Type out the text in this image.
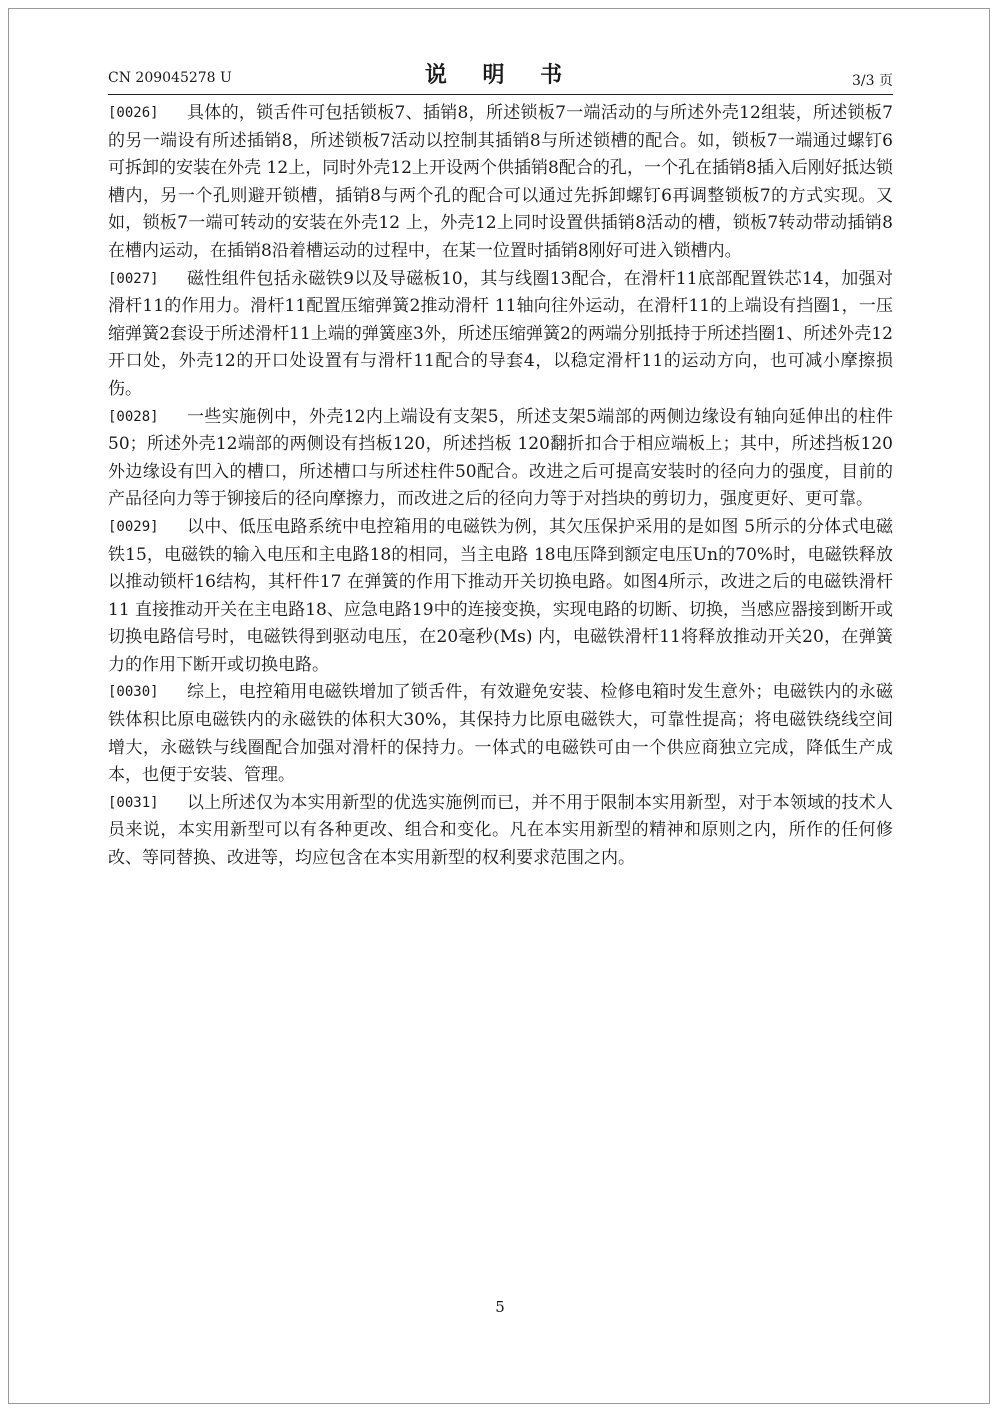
CN 209045278 U	说 明 书	3/3 页

[0026] 具体的，锁舌件可包括锁板7、插销8，所述锁板7一端活动的与所述外壳12组装，所述锁板7的另一端设有所述插销8，所述锁板7活动以控制其插销8与所述锁槽的配合。如，锁板7一端通过螺钉6可拆卸的安装在外壳 12上，同时外壳12上开设两个供插销8配合的孔，一个孔在插销8插入后刚好抵达锁槽内，另一个孔则避开锁槽，插销8与两个孔的配合可以通过先拆卸螺钉6再调整锁板7的方式实现。又如，锁板7一端可转动的安装在外壳12 上，外壳12上同时设置供插销8活动的槽，锁板7转动带动插销8在槽内运动，在插销8沿着槽运动的过程中，在某一位置时插销8刚好可进入锁槽内。

[0027] 磁性组件包括永磁铁9以及导磁板10，其与线圈13配合，在滑杆11底部配置铁芯14，加强对滑杆11的作用力。滑杆11配置压缩弹簧2推动滑杆 11轴向往外运动，在滑杆11的上端设有挡圈1，一压缩弹簧2套设于所述滑杆11上端的弹簧座3外，所述压缩弹簧2的两端分别抵持于所述挡圈1、所述外壳12开口处，外壳12的开口处设置有与滑杆11配合的导套4，以稳定滑杆11的运动方向，也可减小摩擦损伤。

[0028] 一些实施例中，外壳12内上端设有支架5，所述支架5端部的两侧边缘设有轴向延伸出的柱件50；所述外壳12端部的两侧设有挡板120，所述挡板 120翻折扣合于相应端板上；其中，所述挡板120外边缘设有凹入的槽口，所述槽口与所述柱件50配合。改进之后可提高安装时的径向力的强度，目前的产品径向力等于铆接后的径向摩擦力，而改进之后的径向力等于对挡块的剪切力，强度更好、更可靠。

[0029] 以中、低压电路系统中电控箱用的电磁铁为例，其欠压保护采用的是如图 5所示的分体式电磁铁15，电磁铁的输入电压和主电路18的相同，当主电路 18电压降到额定电压Un的70%时，电磁铁释放以推动锁杆16结构，其杆件17 在弹簧的作用下推动开关切换电路。如图4所示，改进之后的电磁铁滑杆11 直接推动开关在主电路18、应急电路19中的连接变换，实现电路的切断、切换，当感应器接到断开或切换电路信号时，电磁铁得到驱动电压，在20毫秒(Ms) 内，电磁铁滑杆11将释放推动开关20，在弹簧力的作用下断开或切换电路。

[0030] 综上，电控箱用电磁铁增加了锁舌件，有效避免安装、检修电箱时发生意外；电磁铁内的永磁铁体积比原电磁铁内的永磁铁的体积大30%，其保持力比原电磁铁大，可靠性提高；将电磁铁绕线空间增大，永磁铁与线圈配合加强对滑杆的保持力。一体式的电磁铁可由一个供应商独立完成，降低生产成本，也便于安装、管理。

[0031] 以上所述仅为本实用新型的优选实施例而已，并不用于限制本实用新型，对于本领域的技术人员来说，本实用新型可以有各种更改、组合和变化。凡在本实用新型的精神和原则之内，所作的任何修改、等同替换、改进等，均应包含在本实用新型的权利要求范围之内。

5
